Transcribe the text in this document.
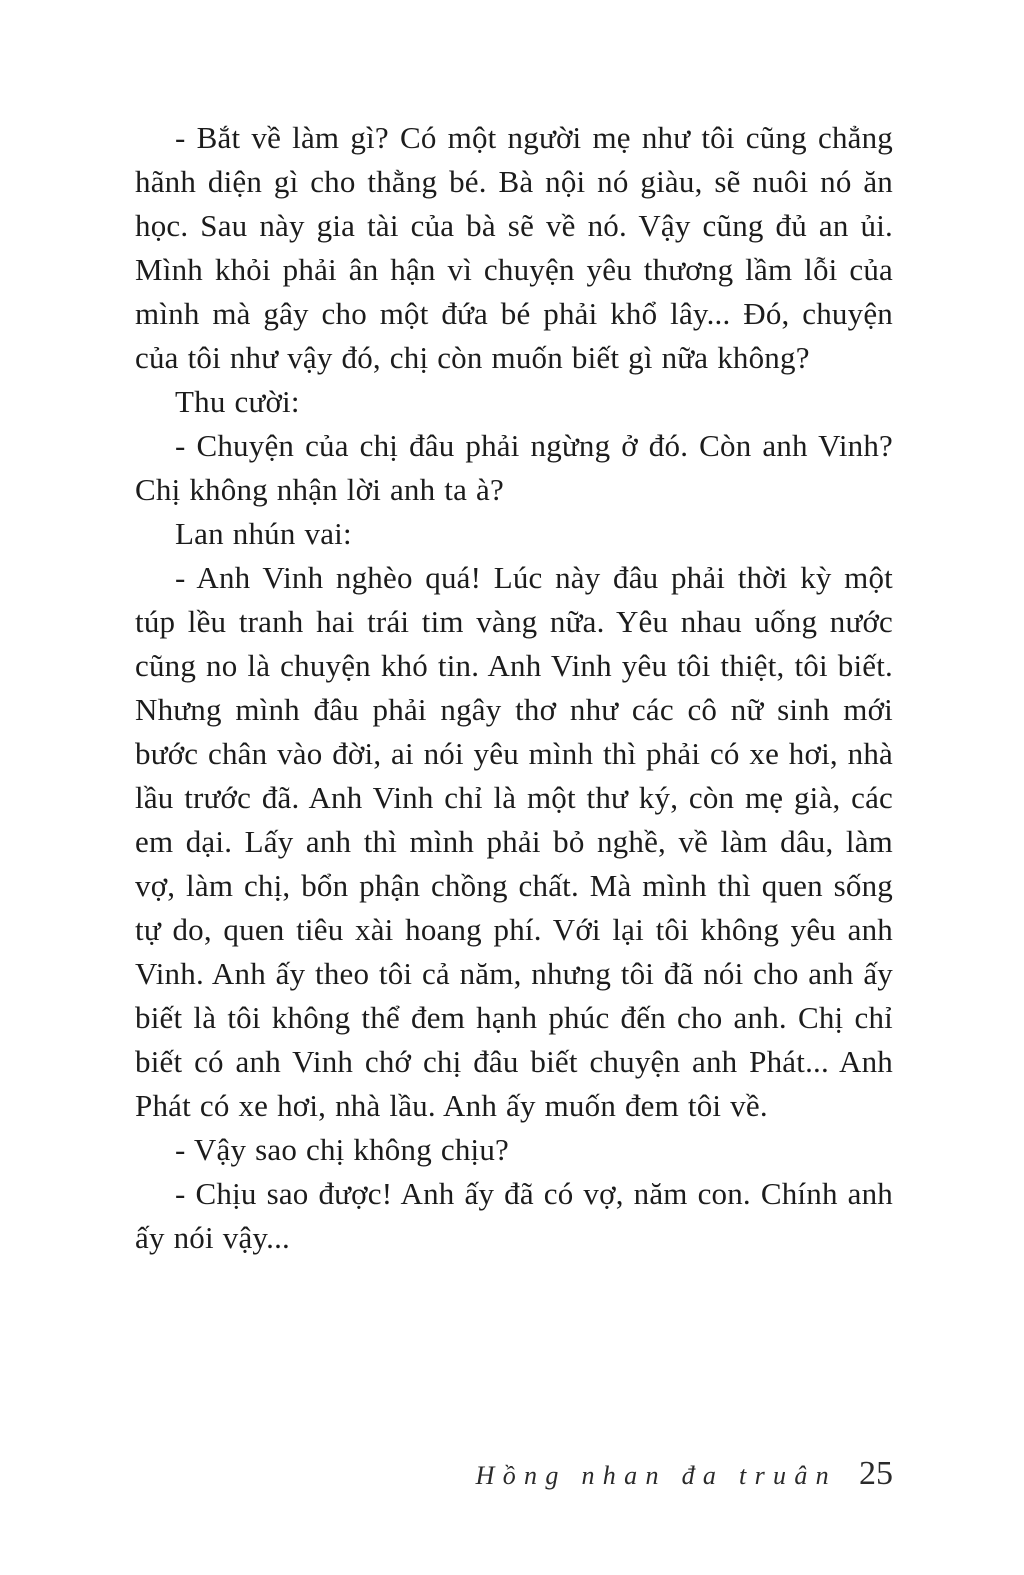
- Bắt về làm gì? Có một người mẹ như tôi cũng chẳng hãnh diện gì cho thằng bé. Bà nội nó giàu, sẽ nuôi nó ăn học. Sau này gia tài của bà sẽ về nó. Vậy cũng đủ an ủi. Mình khỏi phải ân hận vì chuyện yêu thương lầm lỗi của mình mà gây cho một đứa bé phải khổ lây... Đó, chuyện của tôi như vậy đó, chị còn muốn biết gì nữa không?

Thu cười:

- Chuyện của chị đâu phải ngừng ở đó. Còn anh Vinh? Chị không nhận lời anh ta à?

Lan nhún vai:

- Anh Vinh nghèo quá! Lúc này đâu phải thời kỳ một túp lều tranh hai trái tim vàng nữa. Yêu nhau uống nước cũng no là chuyện khó tin. Anh Vinh yêu tôi thiệt, tôi biết. Nhưng mình đâu phải ngây thơ như các cô nữ sinh mới bước chân vào đời, ai nói yêu mình thì phải có xe hơi, nhà lầu trước đã. Anh Vinh chỉ là một thư ký, còn mẹ già, các em dại. Lấy anh thì mình phải bỏ nghề, về làm dâu, làm vợ, làm chị, bổn phận chồng chất. Mà mình thì quen sống tự do, quen tiêu xài hoang phí. Với lại tôi không yêu anh Vinh. Anh ấy theo tôi cả năm, nhưng tôi đã nói cho anh ấy biết là tôi không thể đem hạnh phúc đến cho anh. Chị chỉ biết có anh Vinh chớ chị đâu biết chuyện anh Phát... Anh Phát có xe hơi, nhà lầu. Anh ấy muốn đem tôi về.

- Vậy sao chị không chịu?

- Chịu sao được! Anh ấy đã có vợ, năm con. Chính anh ấy nói vậy...

Hồng nhan đa truân 25
